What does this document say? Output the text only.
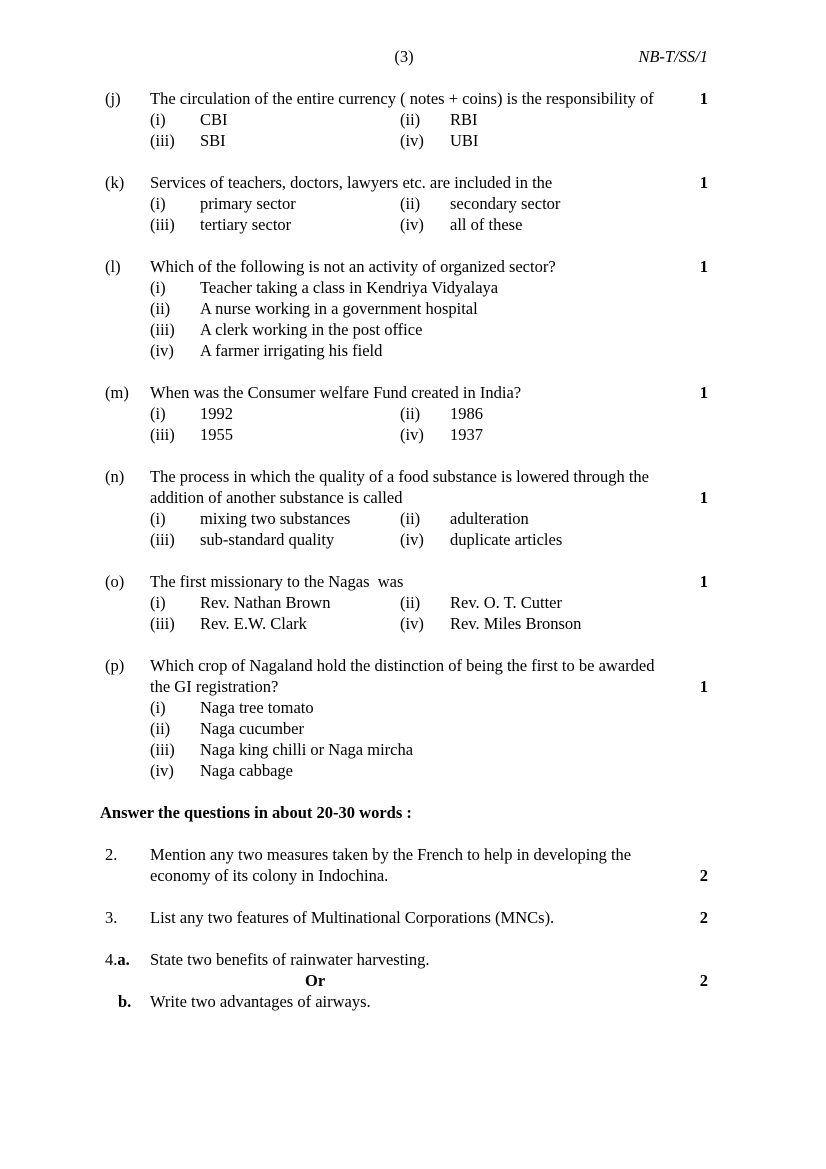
(3)	NB-T/SS/1
(j)	The circulation of the entire currency ( notes + coins) is the responsibility of	1
(i)	CBI	(ii)	RBI
(iii)	SBI	(iv)	UBI
(k)	Services of teachers, doctors, lawyers etc. are included in the	1
(i)	primary sector	(ii)	secondary sector
(iii)	tertiary sector	(iv)	all of these
(l)	Which of the following is not an activity of organized sector?	1
(i)	Teacher taking a class in Kendriya Vidyalaya
(ii)	A nurse working in a government hospital
(iii)	A clerk working in the post office
(iv)	A farmer irrigating his field
(m)	When was the Consumer welfare Fund created in India?	1
(i)	1992	(ii)	1986
(iii)	1955	(iv)	1937
(n)	The process in which the quality of a food substance is lowered through the addition of another substance is called	1
(i)	mixing two substances	(ii)	adulteration
(iii)	sub-standard quality	(iv)	duplicate articles
(o)	The first missionary to the Nagas  was	1
(i)	Rev. Nathan Brown	(ii)	Rev. O. T. Cutter
(iii)	Rev. E.W. Clark	(iv)	Rev. Miles Bronson
(p)	Which crop of Nagaland hold the distinction of being the first to be awarded the GI registration?	1
(i)	Naga tree tomato
(ii)	Naga cucumber
(iii)	Naga king chilli or Naga mircha
(iv)	Naga cabbage
Answer the questions in about 20-30 words :
2.	Mention any two measures taken by the French to help in developing the economy of its colony in Indochina.	2
3.	List any two features of Multinational Corporations (MNCs).	2
4.a.	State two benefits of rainwater harvesting.
Or	2
b.	Write two advantages of airways.
